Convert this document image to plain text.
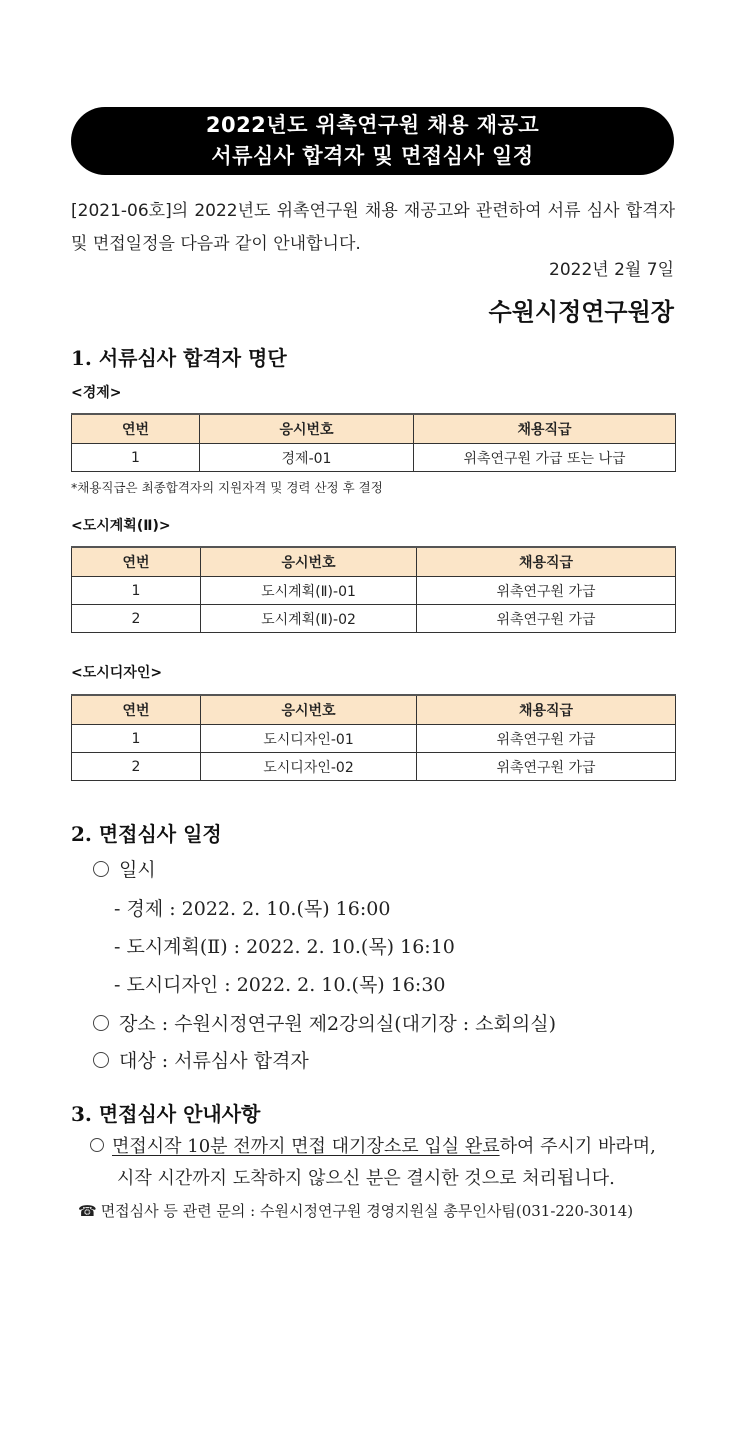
2022년도 위촉연구원 채용 재공고
서류심사 합격자 및 면접심사 일정
[2021-06호]의 2022년도 위촉연구원 채용 재공고와 관련하여 서류 심사 합격자 및 면접일정을 다음과 같이 안내합니다.
2022년 2월 7일
수원시정연구원장
1. 서류심사 합격자 명단
<경제>
연번	응시번호	채용직급
1	경제-01	위촉연구원 가급 또는 나급
*채용직급은 최종합격자의 지원자격 및 경력 산정 후 결정
<도시계획(Ⅱ)>
연번	응시번호	채용직급
1	도시계획(Ⅱ)-01	위촉연구원 가급
2	도시계획(Ⅱ)-02	위촉연구원 가급
<도시디자인>
연번	응시번호	채용직급
1	도시디자인-01	위촉연구원 가급
2	도시디자인-02	위촉연구원 가급
2. 면접심사 일정
일시
- 경제 : 2022. 2. 10.(목) 16:00
- 도시계획(Ⅱ) : 2022. 2. 10.(목) 16:10
- 도시디자인 : 2022. 2. 10.(목) 16:30
장소 : 수원시정연구원 제2강의실(대기장 : 소회의실)
대상 : 서류심사 합격자
3. 면접심사 안내사항
면접시작 10분 전까지 면접 대기장소로 입실 완료하여 주시기 바라며,
시작 시간까지 도착하지 않으신 분은 결시한 것으로 처리됩니다.
☎ 면접심사 등 관련 문의 : 수원시정연구원 경영지원실 총무인사팀(031-220-3014)
